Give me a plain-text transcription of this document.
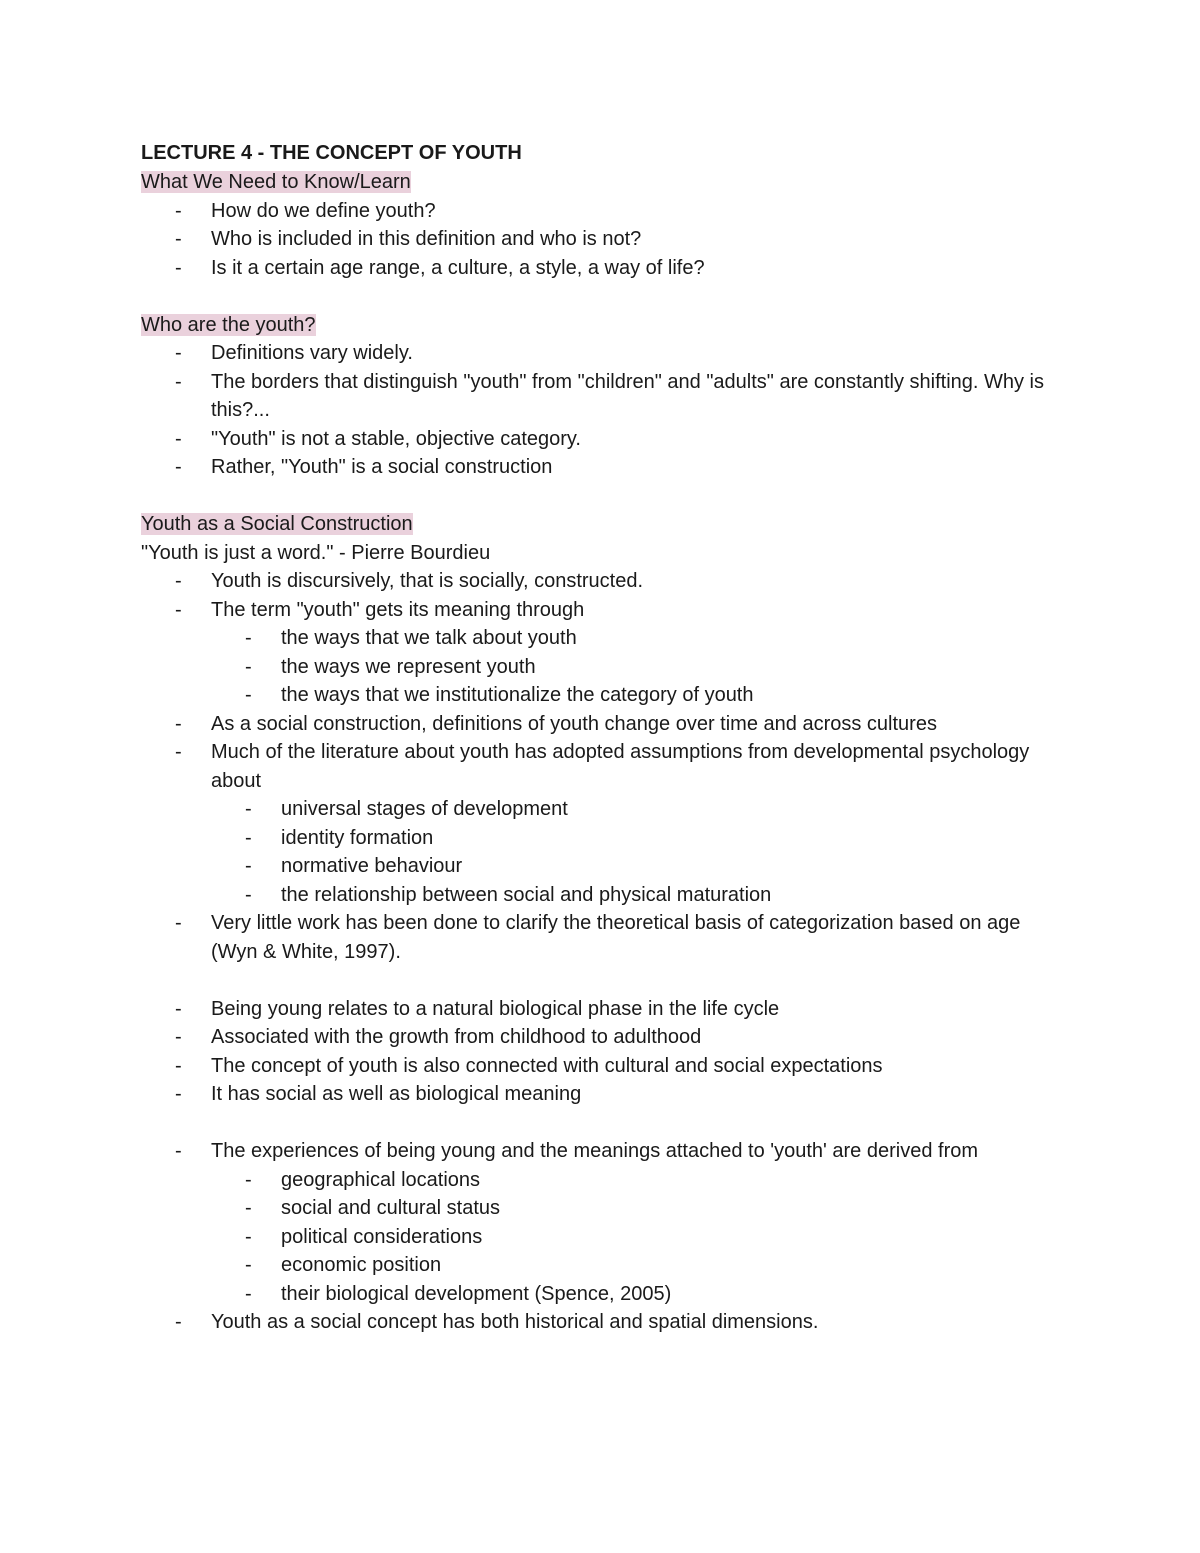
LECTURE 4 - THE CONCEPT OF YOUTH

What We Need to Know/Learn

- How do we define youth?
- Who is included in this definition and who is not?
- Is it a certain age range, a culture, a style, a way of life?

Who are the youth?

- Definitions vary widely.
- The borders that distinguish "youth" from "children" and "adults" are constantly shifting. Why is this?...
- "Youth" is not a stable, objective category.
- Rather, "Youth" is a social construction

Youth as a Social Construction

"Youth is just a word." - Pierre Bourdieu

- Youth is discursively, that is socially, constructed.
- The term "youth" gets its meaning through
- the ways that we talk about youth
- the ways we represent youth
- the ways that we institutionalize the category of youth
- As a social construction, definitions of youth change over time and across cultures
- Much of the literature about youth has adopted assumptions from developmental psychology about
- universal stages of development
- identity formation
- normative behaviour
- the relationship between social and physical maturation
- Very little work has been done to clarify the theoretical basis of categorization based on age (Wyn & White, 1997).
- Being young relates to a natural biological phase in the life cycle
- Associated with the growth from childhood to adulthood
- The concept of youth is also connected with cultural and social expectations
- It has social as well as biological meaning
- The experiences of being young and the meanings attached to 'youth' are derived from
- geographical locations
- social and cultural status
- political considerations
- economic position
- their biological development (Spence, 2005)
- Youth as a social concept has both historical and spatial dimensions.
